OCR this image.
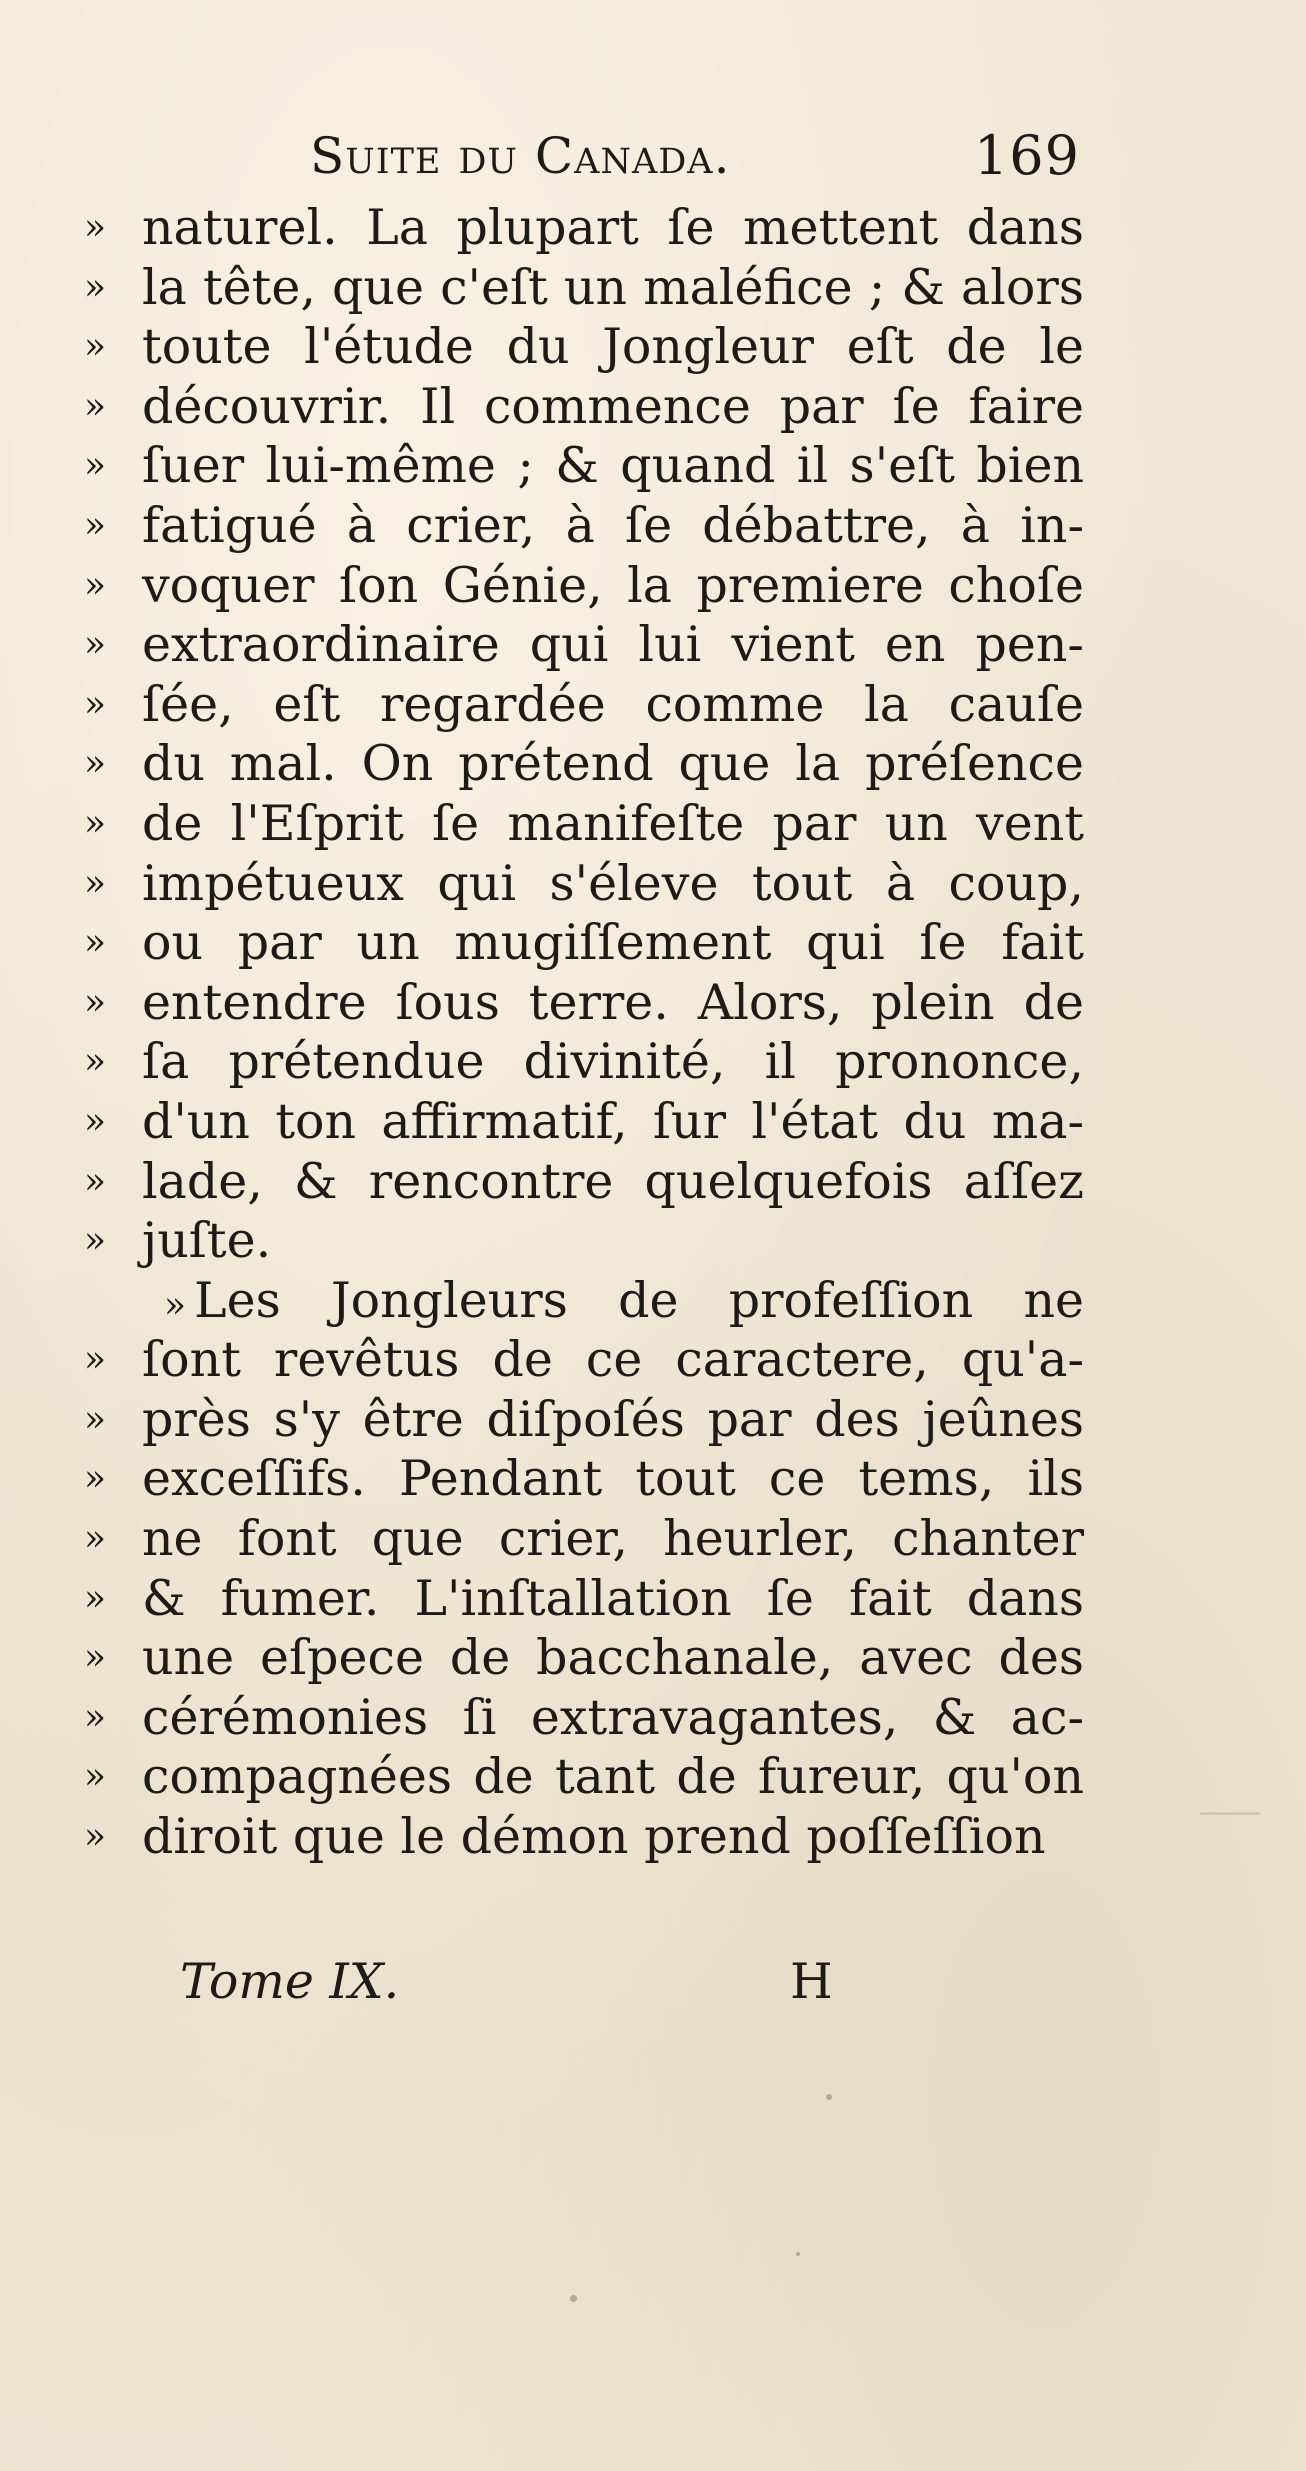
Suite du Canada.	169
» naturel. La plupart ſe mettent dans
» la tête, que c'eſt un maléfice ; & alors
» toute l'étude du Jongleur eſt de le
» découvrir. Il commence par ſe faire
» ſuer lui-même ; & quand il s'eſt bien
» fatigué à crier, à ſe débattre, à in-
» voquer ſon Génie, la premiere choſe
» extraordinaire qui lui vient en pen-
» ſée, eſt regardée comme la cauſe
» du mal. On prétend que la préſence
» de l'Eſprit ſe manifeſte par un vent
» impétueux qui s'éleve tout à coup,
» ou par un mugiſſement qui ſe fait
» entendre ſous terre. Alors, plein de
» ſa prétendue divinité, il prononce,
» d'un ton affirmatif, ſur l'état du ma-
» lade, & rencontre quelquefois aſſez
» juſte.
» Les Jongleurs de profeſſion ne
» ſont revêtus de ce caractere, qu'a-
» près s'y être diſpoſés par des jeûnes
» exceſſifs. Pendant tout ce tems, ils
» ne font que crier, heurler, chanter
» & fumer. L'inſtallation ſe fait dans
» une eſpece de bacchanale, avec des
» cérémonies ſi extravagantes, & ac-
» compagnées de tant de fureur, qu'on
» diroit que le démon prend poſſeſſion
Tome IX.	H
